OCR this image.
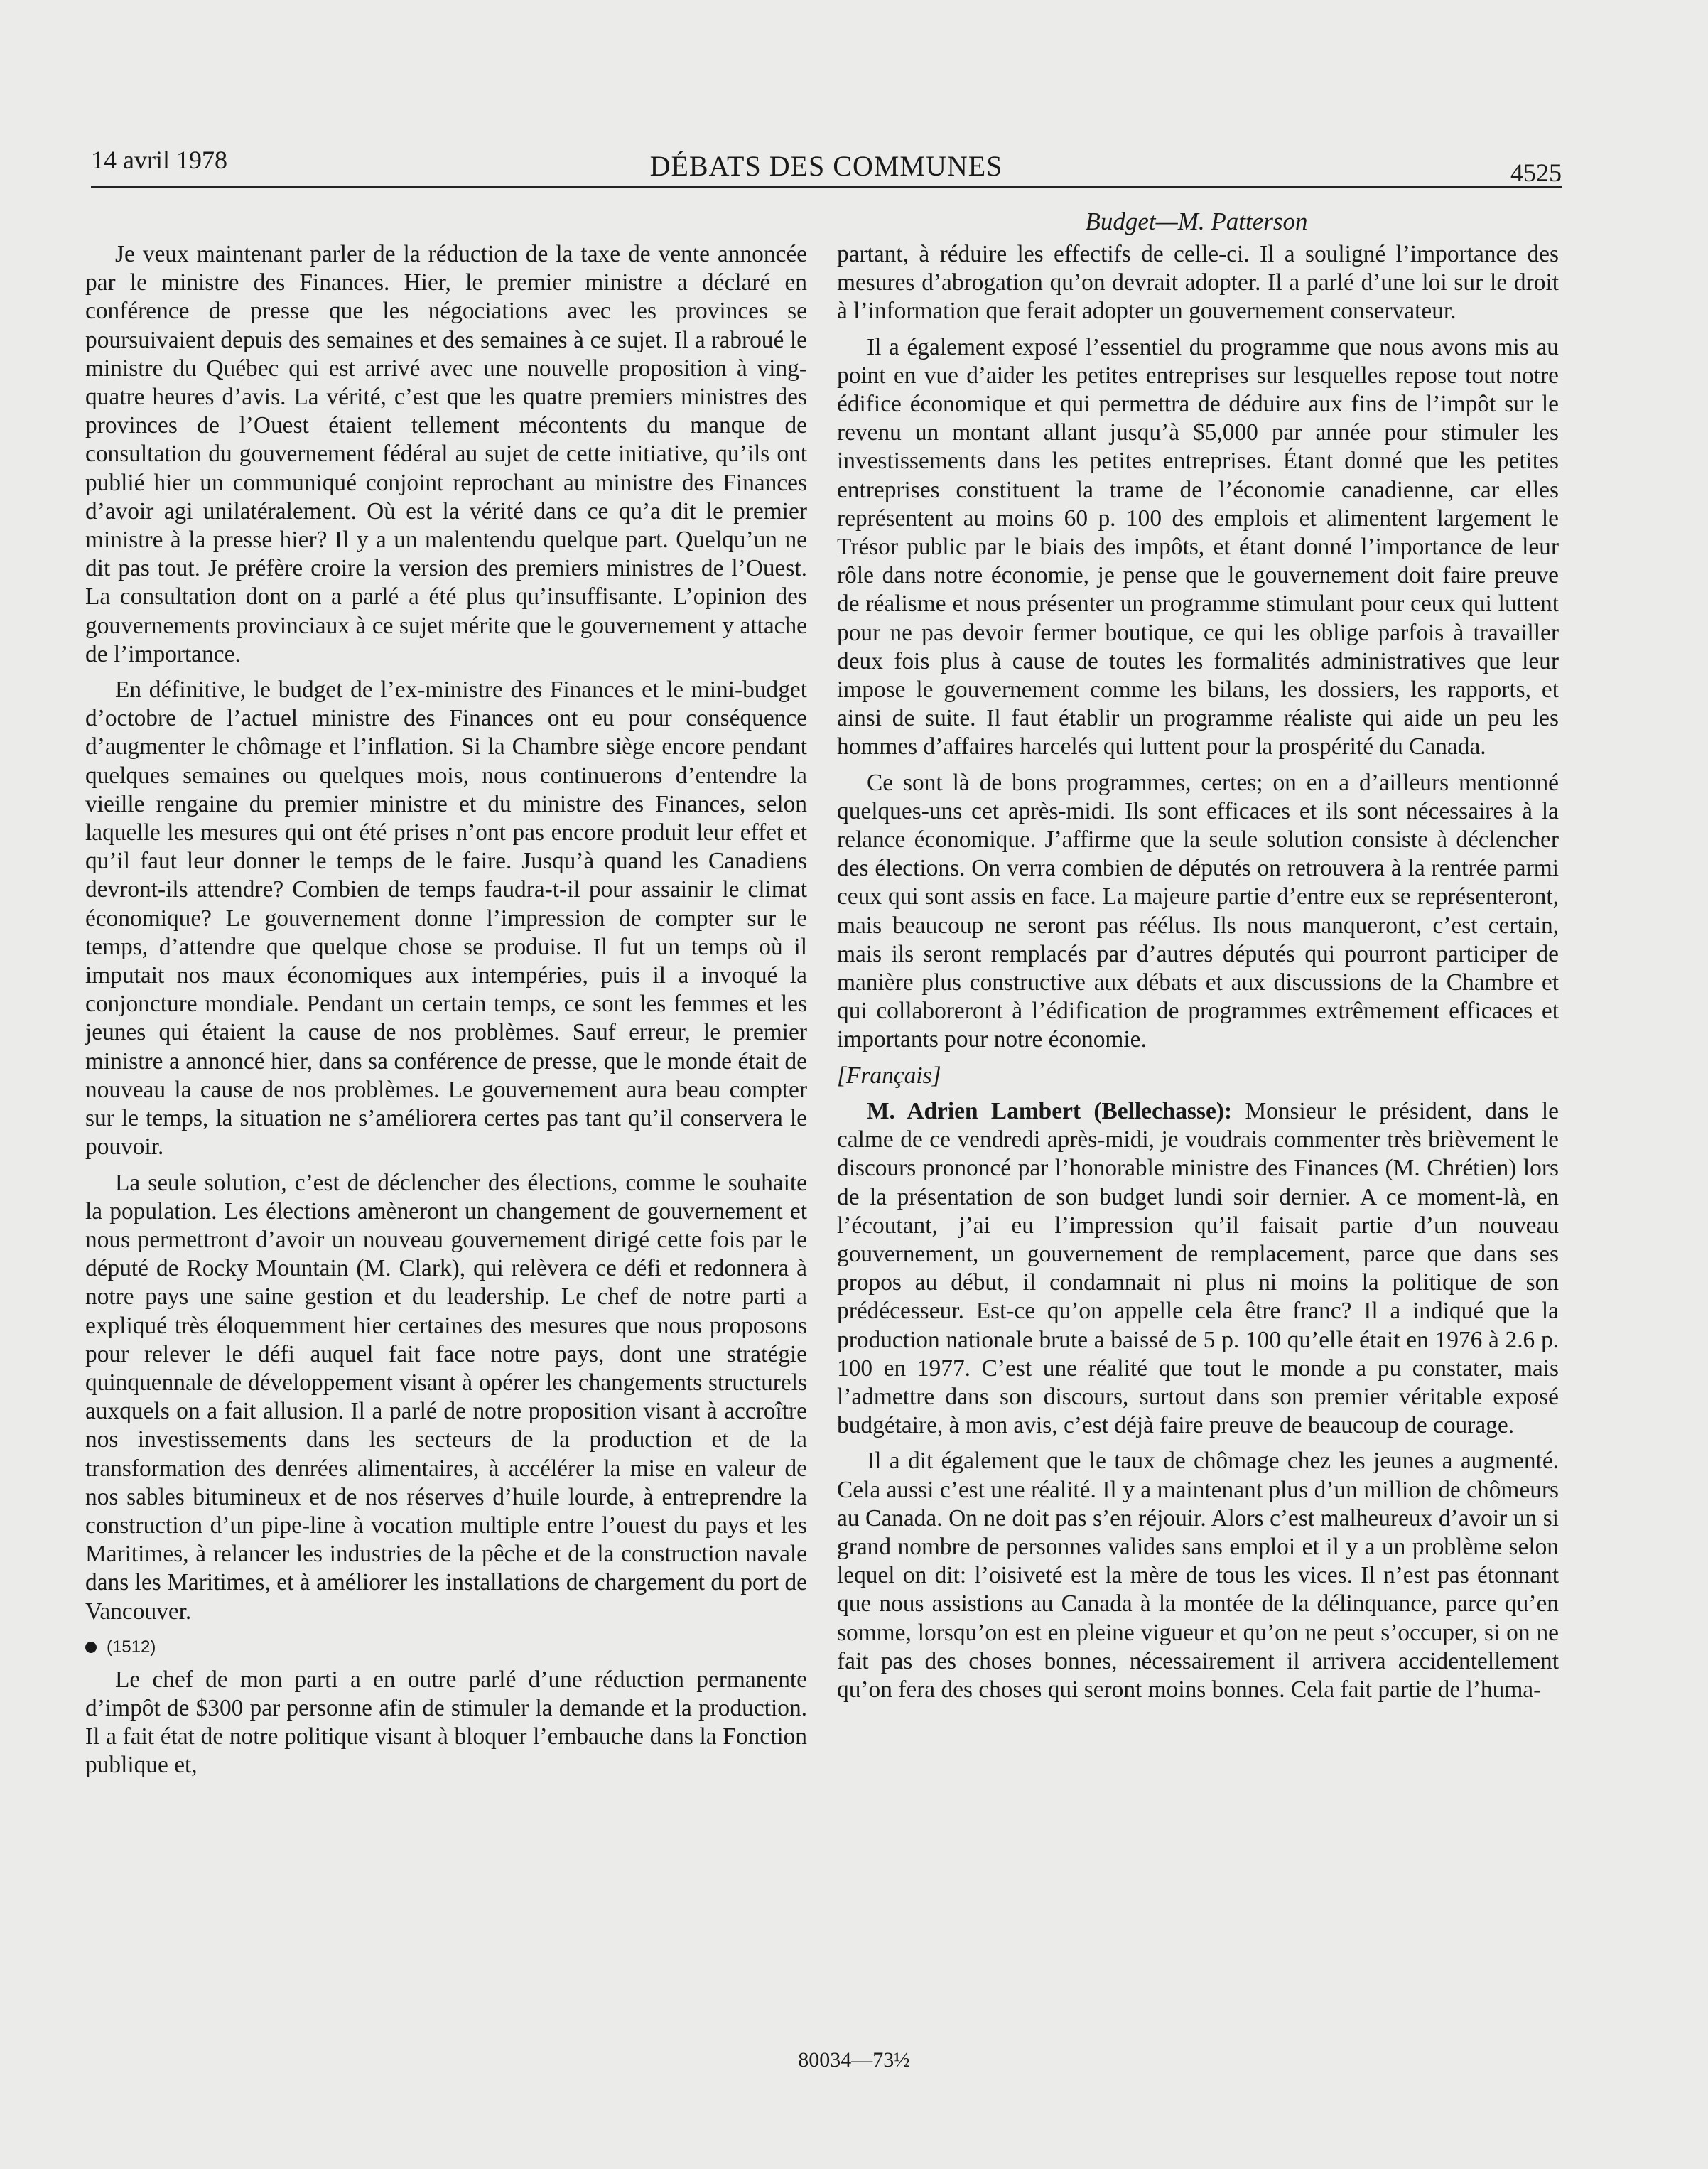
14 avril 1978	DÉBATS DES COMMUNES	4525
Budget—M. Patterson

Je veux maintenant parler de la réduction de la taxe de vente annoncée par le ministre des Finances. Hier, le premier ministre a déclaré en conférence de presse que les négociations avec les provinces se poursuivaient depuis des semaines et des semaines à ce sujet. Il a rabroué le ministre du Québec qui est arrivé avec une nouvelle proposition à ving-quatre heures d’avis. La vérité, c’est que les quatre premiers ministres des provinces de l’Ouest étaient tellement mécontents du manque de consultation du gouvernement fédéral au sujet de cette initiative, qu’ils ont publié hier un communiqué conjoint reprochant au ministre des Finances d’avoir agi unilatéralement. Où est la vérité dans ce qu’a dit le premier ministre à la presse hier? Il y a un malentendu quelque part. Quelqu’un ne dit pas tout. Je préfère croire la version des premiers ministres de l’Ouest. La consultation dont on a parlé a été plus qu’insuffisante. L’opinion des gouvernements provinciaux à ce sujet mérite que le gouvernement y attache de l’importance.

En définitive, le budget de l’ex-ministre des Finances et le mini-budget d’octobre de l’actuel ministre des Finances ont eu pour conséquence d’augmenter le chômage et l’inflation. Si la Chambre siège encore pendant quelques semaines ou quelques mois, nous continuerons d’entendre la vieille rengaine du premier ministre et du ministre des Finances, selon laquelle les mesures qui ont été prises n’ont pas encore produit leur effet et qu’il faut leur donner le temps de le faire. Jusqu’à quand les Canadiens devront-ils attendre? Combien de temps faudra-t-il pour assainir le climat économique? Le gouvernement donne l’impression de compter sur le temps, d’attendre que quelque chose se produise. Il fut un temps où il imputait nos maux économiques aux intempéries, puis il a invoqué la conjoncture mondiale. Pendant un certain temps, ce sont les femmes et les jeunes qui étaient la cause de nos problèmes. Sauf erreur, le premier ministre a annoncé hier, dans sa conférence de presse, que le monde était de nouveau la cause de nos problèmes. Le gouvernement aura beau compter sur le temps, la situation ne s’améliorera certes pas tant qu’il conservera le pouvoir.

La seule solution, c’est de déclencher des élections, comme le souhaite la population. Les élections amèneront un changement de gouvernement et nous permettront d’avoir un nouveau gouvernement dirigé cette fois par le député de Rocky Mountain (M. Clark), qui relèvera ce défi et redonnera à notre pays une saine gestion et du leadership. Le chef de notre parti a expliqué très éloquemment hier certaines des mesures que nous proposons pour relever le défi auquel fait face notre pays, dont une stratégie quinquennale de développement visant à opérer les changements structurels auxquels on a fait allusion. Il a parlé de notre proposition visant à accroître nos investissements dans les secteurs de la production et de la transformation des denrées alimentaires, à accélérer la mise en valeur de nos sables bitumineux et de nos réserves d’huile lourde, à entreprendre la construction d’un pipe-line à vocation multiple entre l’ouest du pays et les Maritimes, à relancer les industries de la pêche et de la construction navale dans les Maritimes, et à améliorer les installations de chargement du port de Vancouver.

(1512)

Le chef de mon parti a en outre parlé d’une réduction permanente d’impôt de $300 par personne afin de stimuler la demande et la production. Il a fait état de notre politique visant à bloquer l’embauche dans la Fonction publique et,

partant, à réduire les effectifs de celle-ci. Il a souligné l’importance des mesures d’abrogation qu’on devrait adopter. Il a parlé d’une loi sur le droit à l’information que ferait adopter un gouvernement conservateur.

Il a également exposé l’essentiel du programme que nous avons mis au point en vue d’aider les petites entreprises sur lesquelles repose tout notre édifice économique et qui permettra de déduire aux fins de l’impôt sur le revenu un montant allant jusqu’à $5,000 par année pour stimuler les investissements dans les petites entreprises. Étant donné que les petites entreprises constituent la trame de l’économie canadienne, car elles représentent au moins 60 p. 100 des emplois et alimentent largement le Trésor public par le biais des impôts, et étant donné l’importance de leur rôle dans notre économie, je pense que le gouvernement doit faire preuve de réalisme et nous présenter un programme stimulant pour ceux qui luttent pour ne pas devoir fermer boutique, ce qui les oblige parfois à travailler deux fois plus à cause de toutes les formalités administratives que leur impose le gouvernement comme les bilans, les dossiers, les rapports, et ainsi de suite. Il faut établir un programme réaliste qui aide un peu les hommes d’affaires harcelés qui luttent pour la prospérité du Canada.

Ce sont là de bons programmes, certes; on en a d’ailleurs mentionné quelques-uns cet après-midi. Ils sont efficaces et ils sont nécessaires à la relance économique. J’affirme que la seule solution consiste à déclencher des élections. On verra combien de députés on retrouvera à la rentrée parmi ceux qui sont assis en face. La majeure partie d’entre eux se représenteront, mais beaucoup ne seront pas réélus. Ils nous manqueront, c’est certain, mais ils seront remplacés par d’autres députés qui pourront participer de manière plus constructive aux débats et aux discussions de la Chambre et qui collaboreront à l’édification de programmes extrêmement efficaces et importants pour notre économie.

[Français]

M. Adrien Lambert (Bellechasse): Monsieur le président, dans le calme de ce vendredi après-midi, je voudrais commenter très brièvement le discours prononcé par l’honorable ministre des Finances (M. Chrétien) lors de la présentation de son budget lundi soir dernier. A ce moment-là, en l’écoutant, j’ai eu l’impression qu’il faisait partie d’un nouveau gouvernement, un gouvernement de remplacement, parce que dans ses propos au début, il condamnait ni plus ni moins la politique de son prédécesseur. Est-ce qu’on appelle cela être franc? Il a indiqué que la production nationale brute a baissé de 5 p. 100 qu’elle était en 1976 à 2.6 p. 100 en 1977. C’est une réalité que tout le monde a pu constater, mais l’admettre dans son discours, surtout dans son premier véritable exposé budgétaire, à mon avis, c’est déjà faire preuve de beaucoup de courage.

Il a dit également que le taux de chômage chez les jeunes a augmenté. Cela aussi c’est une réalité. Il y a maintenant plus d’un million de chômeurs au Canada. On ne doit pas s’en réjouir. Alors c’est malheureux d’avoir un si grand nombre de personnes valides sans emploi et il y a un problème selon lequel on dit: l’oisiveté est la mère de tous les vices. Il n’est pas étonnant que nous assistions au Canada à la montée de la délinquance, parce qu’en somme, lorsqu’on est en pleine vigueur et qu’on ne peut s’occuper, si on ne fait pas des choses bonnes, nécessairement il arrivera accidentellement qu’on fera des choses qui seront moins bonnes. Cela fait partie de l’huma-

80034—73½
